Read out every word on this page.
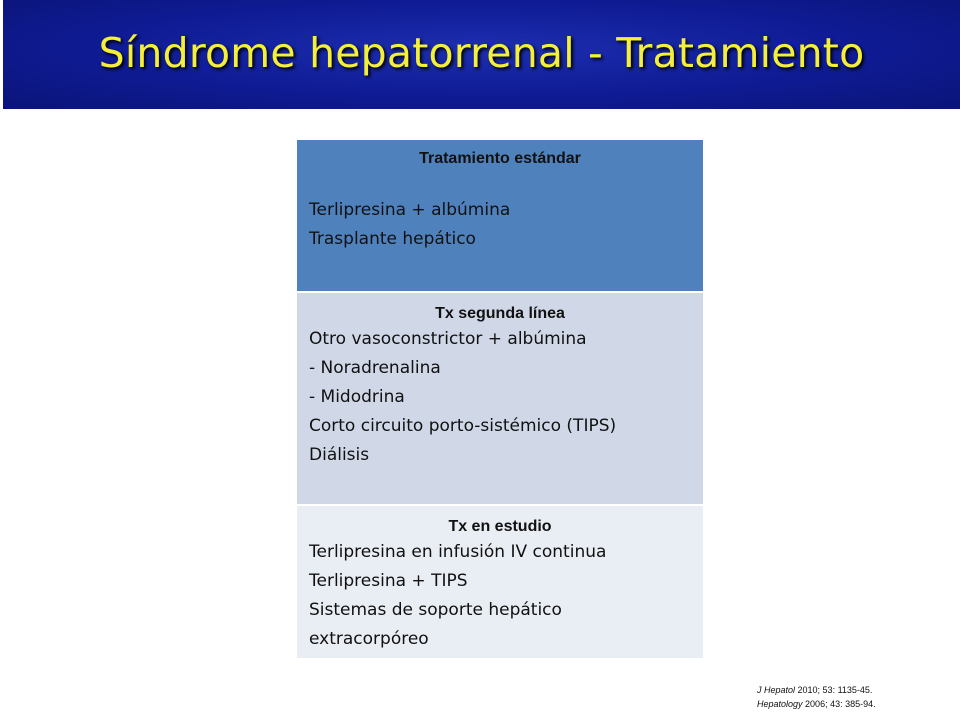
Síndrome hepatorrenal - Tratamiento
Tratamiento estándar
Terlipresina + albúmina
Trasplante hepático
Tx segunda línea
Otro vasoconstrictor + albúmina
- Noradrenalina
- Midodrina
Corto circuito porto-sistémico (TIPS)
Diálisis
Tx en estudio
Terlipresina en infusión IV continua
Terlipresina + TIPS
Sistemas de soporte hepático
extracorpóreo
J Hepatol 2010; 53: 1135-45.
Hepatology 2006; 43: 385-94.
